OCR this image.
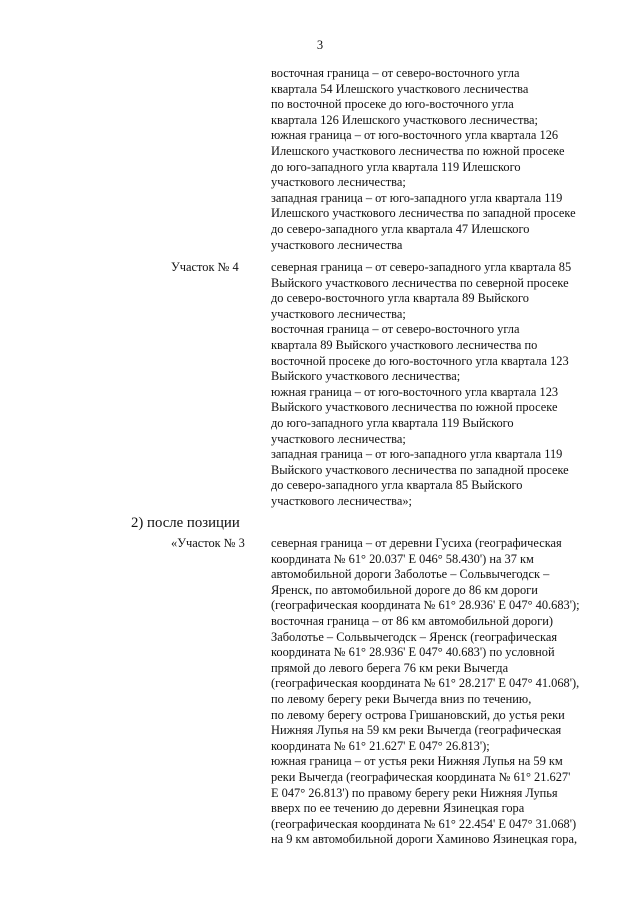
3
восточная граница – от северо-восточного угла
квартала 54 Илешского участкового лесничества
по восточной просеке до юго-восточного угла
квартала 126 Илешского участкового лесничества;
южная граница – от юго-восточного угла квартала 126
Илешского участкового лесничества по южной просеке
до юго-западного угла квартала 119 Илешского
участкового лесничества;
западная граница – от юго-западного угла квартала 119
Илешского участкового лесничества по западной просеке
до северо-западного угла квартала 47 Илешского
участкового лесничества
Участок № 4	северная граница – от северо-западного угла квартала 85
Выйского участкового лесничества по северной просеке
до северо-восточного угла квартала 89 Выйского
участкового лесничества;
восточная граница – от северо-восточного угла
квартала 89 Выйского участкового лесничества по
восточной просеке до юго-восточного угла квартала 123
Выйского участкового лесничества;
южная граница – от юго-восточного угла квартала 123
Выйского участкового лесничества по южной просеке
до юго-западного угла квартала 119 Выйского
участкового лесничества;
западная граница – от юго-западного угла квартала 119
Выйского участкового лесничества по западной просеке
до северо-западного угла квартала 85 Выйского
участкового лесничества»;
2) после позиции
«Участок № 3 северная граница – от деревни Гусиха (географическая
координата № 61° 20.037' Е 046° 58.430') на 37 км
автомобильной дороги Заболотье – Сольвычегодск –
Яренск, по автомобильной дороге до 86 км дороги
(географическая координата № 61° 28.936' Е 047° 40.683');
восточная граница – от 86 км автомобильной дороги)
Заболотье – Сольвычегодск – Яренск (географическая
координата № 61° 28.936' Е 047° 40.683') по условной
прямой до левого берега 76 км реки Вычегда
(географическая координата № 61° 28.217' Е 047° 41.068'),
по левому берегу реки Вычегда вниз по течению,
по левому берегу острова Гришановский, до устья реки
Нижняя Лупья на 59 км реки Вычегда (географическая
координата № 61° 21.627' Е 047° 26.813');
южная граница – от устья реки Нижняя Лупья на 59 км
реки Вычегда (географическая координата № 61° 21.627'
Е 047° 26.813') по правому берегу реки Нижняя Лупья
вверх по ее течению до деревни Язинецкая гора
(географическая координата № 61° 22.454' Е 047° 31.068')
на 9 км автомобильной дороги Хаминово Язинецкая гора,
